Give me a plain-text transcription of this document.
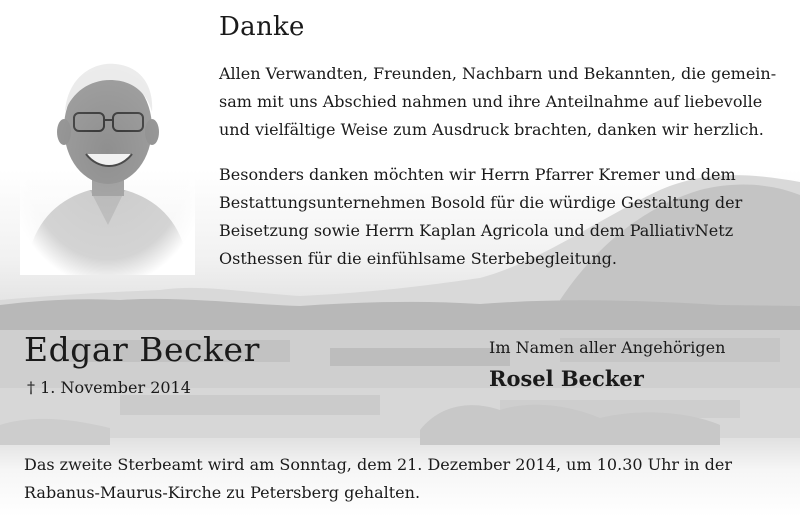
Danke

Allen Verwandten, Freunden, Nachbarn und Bekannten, die gemein-
sam mit uns Abschied nahmen und ihre Anteilnahme auf liebevolle
und vielfältige Weise zum Ausdruck brachten, danken wir herzlich.

Besonders danken möchten wir Herrn Pfarrer Kremer und dem
Bestattungsunternehmen Bosold für die würdige Gestaltung der
Beisetzung sowie Herrn Kaplan Agricola und dem PalliativNetz
Osthessen für die einfühlsame Sterbebegleitung.

Edgar Becker
† 1. November 2014
Im Namen aller Angehörigen
Rosel Becker

Das zweite Sterbeamt wird am Sonntag, dem 21. Dezember 2014, um 10.30 Uhr in der
Rabanus-Maurus-Kirche zu Petersberg gehalten.
